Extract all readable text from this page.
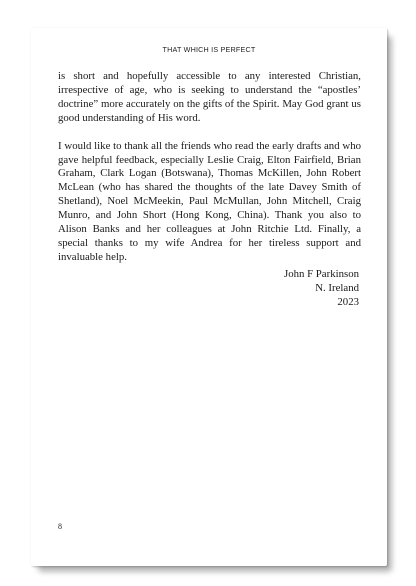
THAT WHICH IS PERFECT

is short and hopefully accessible to any interested Christian, irrespective of age, who is seeking to understand the “apostles’ doctrine” more accurately on the gifts of the Spirit. May God grant us good understanding of His word.

I would like to thank all the friends who read the early drafts and who gave helpful feedback, especially Leslie Craig, Elton Fairfield, Brian Graham, Clark Logan (Botswana), Thomas McKillen, John Robert McLean (who has shared the thoughts of the late Davey Smith of Shetland), Noel McMeekin, Paul McMullan, John Mitchell, Craig Munro, and John Short (Hong Kong, China). Thank you also to Alison Banks and her colleagues at John Ritchie Ltd. Finally, a special thanks to my wife Andrea for her tireless support and invaluable help.

John F Parkinson
N. Ireland
2023
8
